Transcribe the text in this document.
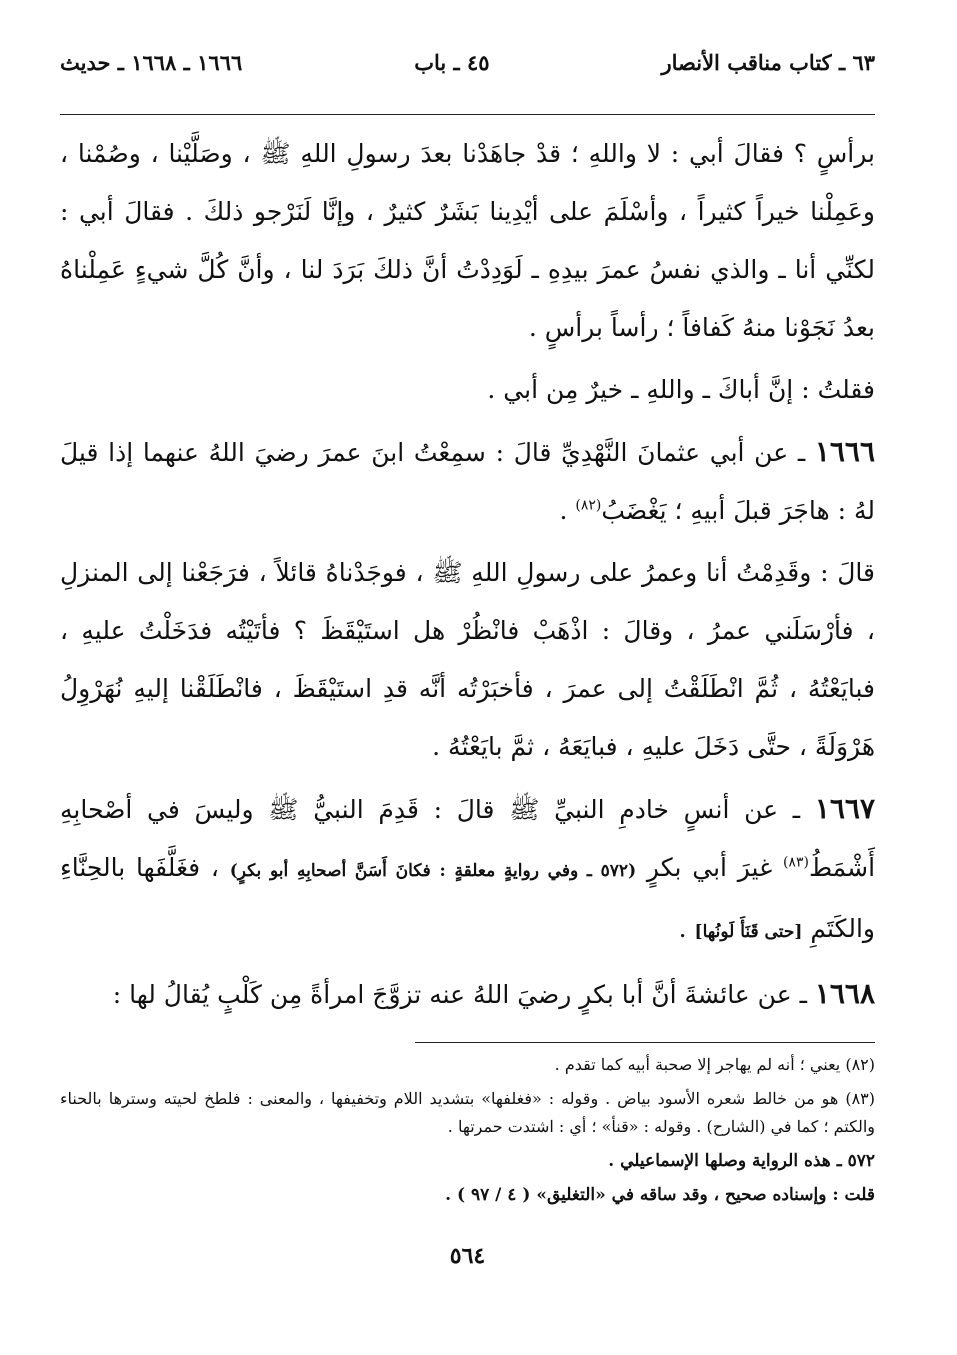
٦٣ ـ كتاب مناقب الأنصار
٤٥ ـ باب
١٦٦٦ ـ ١٦٦٨ ـ حديث

برأسٍ ؟ فقالَ أبي : لا واللهِ ؛ قدْ جاهَدْنا بعدَ رسولِ اللهِ ﷺ ، وصَلَّيْنا ، وصُمْنا ، وعَمِلْنا خيراً كثيراً ، وأسْلَمَ على أيْدِينا بَشَرٌ كثيرٌ ، وإنَّا لَنَرْجو ذلكَ . فقالَ أبي : لكنِّي أنا ـ والذي نفسُ عمرَ بيدِهِ ـ لَوَدِدْتُ أنَّ ذلكَ بَرَدَ لنا ، وأنَّ كُلَّ شيءٍ عَمِلْناهُ بعدُ نَجَوْنا منهُ كَفافاً ؛ رأساً برأسٍ .

فقلتُ : إنَّ أباكَ ـ واللهِ ـ خيرٌ مِن أبي .

١٦٦٦ ـ عن أبي عثمانَ النَّهْدِيِّ قالَ : سمِعْتُ ابنَ عمرَ رضيَ اللهُ عنهما إذا قيلَ لهُ : هاجَرَ قبلَ أبيهِ ؛ يَغْضَبُ$^{(٨٢)}$ .

قالَ : وقَدِمْتُ أنا وعمرُ على رسولِ اللهِ ﷺ ، فوجَدْناهُ قائلاً ، فرَجَعْنا إلى المنزلِ ، فأرْسَلَني عمرُ ، وقالَ : اذْهَبْ فانْظُرْ هل استَيْقَظَ ؟ فأتَيْتُه فدَخَلْتُ عليهِ ، فبايَعْتُهُ ، ثُمَّ انْطَلَقْتُ إلى عمرَ ، فأخبَرْتُه أنَّه قدِ استَيْقَظَ ، فانْطَلَقْنا إليهِ نُهَرْوِلُ هَرْوَلَةً ، حتَّى دَخَلَ عليهِ ، فبايَعَهُ ، ثمَّ بايَعْتُهُ .

١٦٦٧ ـ عن أنسٍ خادمِ النبيِّ ﷺ قالَ : قَدِمَ النبيُّ ﷺ وليسَ في أصْحابِهِ أَشْمَطُ$^{(٨٣)}$ غيرَ أبي بكرٍ (٥٧٢ ـ وفي روايةٍ معلقةٍ : فكانَ أَسَنَّ أصحابِهِ أبو بكرٍ) ، فغَلَّفَها بالحِنَّاءِ والكَتَمِ [حتى قَنَأَ لَونُها] .

١٦٦٨ ـ عن عائشةَ أنَّ أبا بكرٍ رضيَ اللهُ عنه تزوَّجَ امرأةً مِن كَلْبٍ يُقالُ لها :

(٨٢) يعني ؛ أنه لم يهاجر إلا صحبة أبيه كما تقدم .

(٨٣) هو من خالط شعره الأسود بياض . وقوله : «فغلفها» بتشديد اللام وتخفيفها ، والمعنى : فلطخ لحيته وسترها بالحناء والكتم ؛ كما في (الشارح) . وقوله : «قنأ» ؛ أي : اشتدت حمرتها .

٥٧٢ ـ هذه الرواية وصلها الإسماعيلي .

قلت : وإسناده صحيح ، وقد ساقه في «التغليق» ( ٤ / ٩٧ ) .

٥٦٤
